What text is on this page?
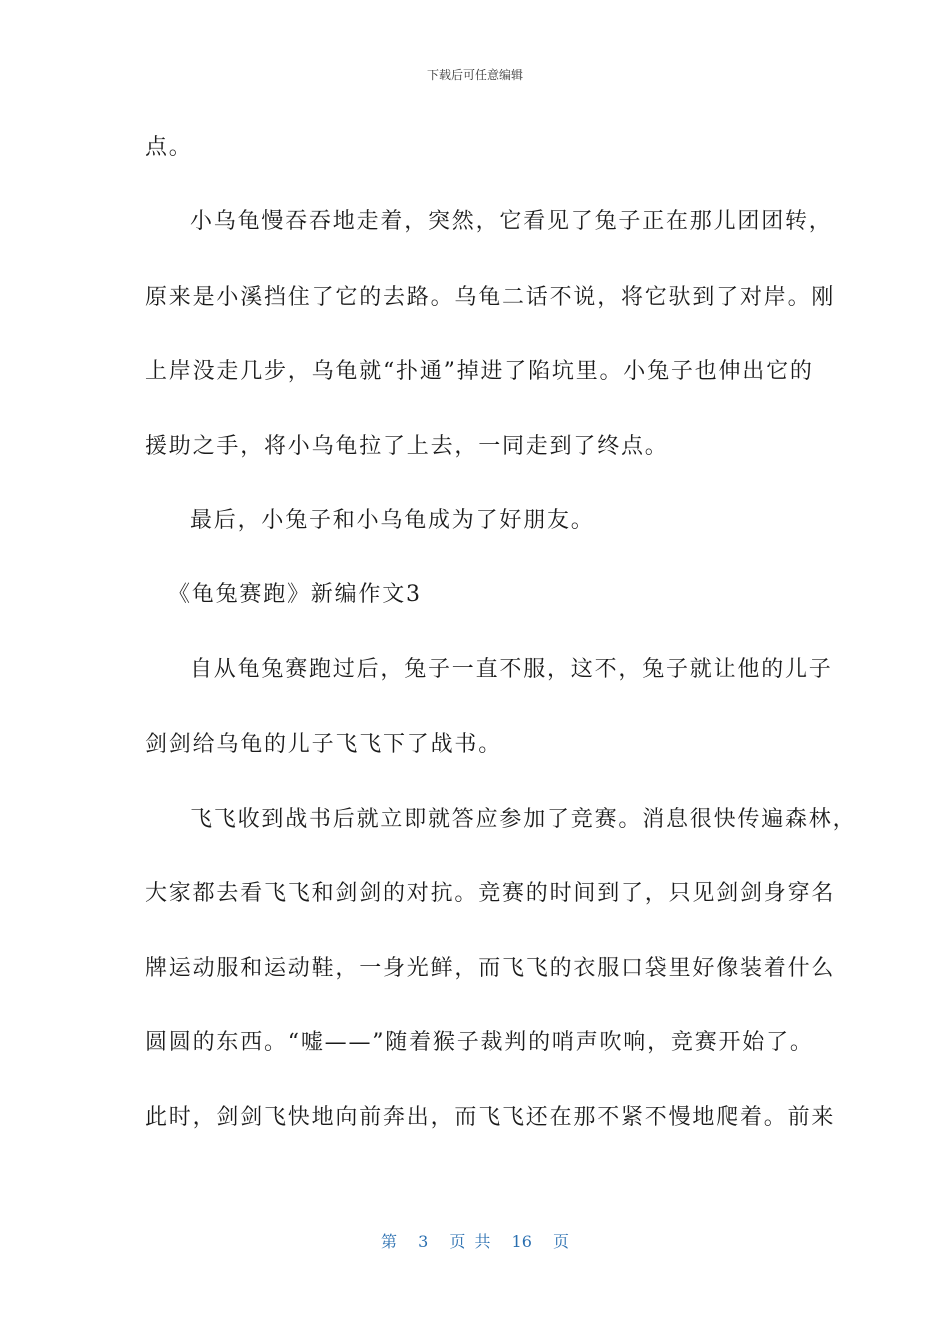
下载后可任意编辑
点。
小乌龟慢吞吞地走着，突然，它看见了兔子正在那儿团团转，
原来是小溪挡住了它的去路。乌龟二话不说，将它驮到了对岸。刚
上岸没走几步，乌龟就“扑通”掉进了陷坑里。小兔子也伸出它的
援助之手，将小乌龟拉了上去，一同走到了终点。
最后，小兔子和小乌龟成为了好朋友。
《龟兔赛跑》新编作文3
自从龟兔赛跑过后，兔子一直不服，这不，兔子就让他的儿子
剑剑给乌龟的儿子飞飞下了战书。
飞飞收到战书后就立即就答应参加了竞赛。消息很快传遍森林，
大家都去看飞飞和剑剑的对抗。竞赛的时间到了，只见剑剑身穿名
牌运动服和运动鞋，一身光鲜，而飞飞的衣服口袋里好像装着什么
圆圆的东西。“嘘——”随着猴子裁判的哨声吹响，竞赛开始了。
此时，剑剑飞快地向前奔出，而飞飞还在那不紧不慢地爬着。前来
第 3 页 共 16 页
